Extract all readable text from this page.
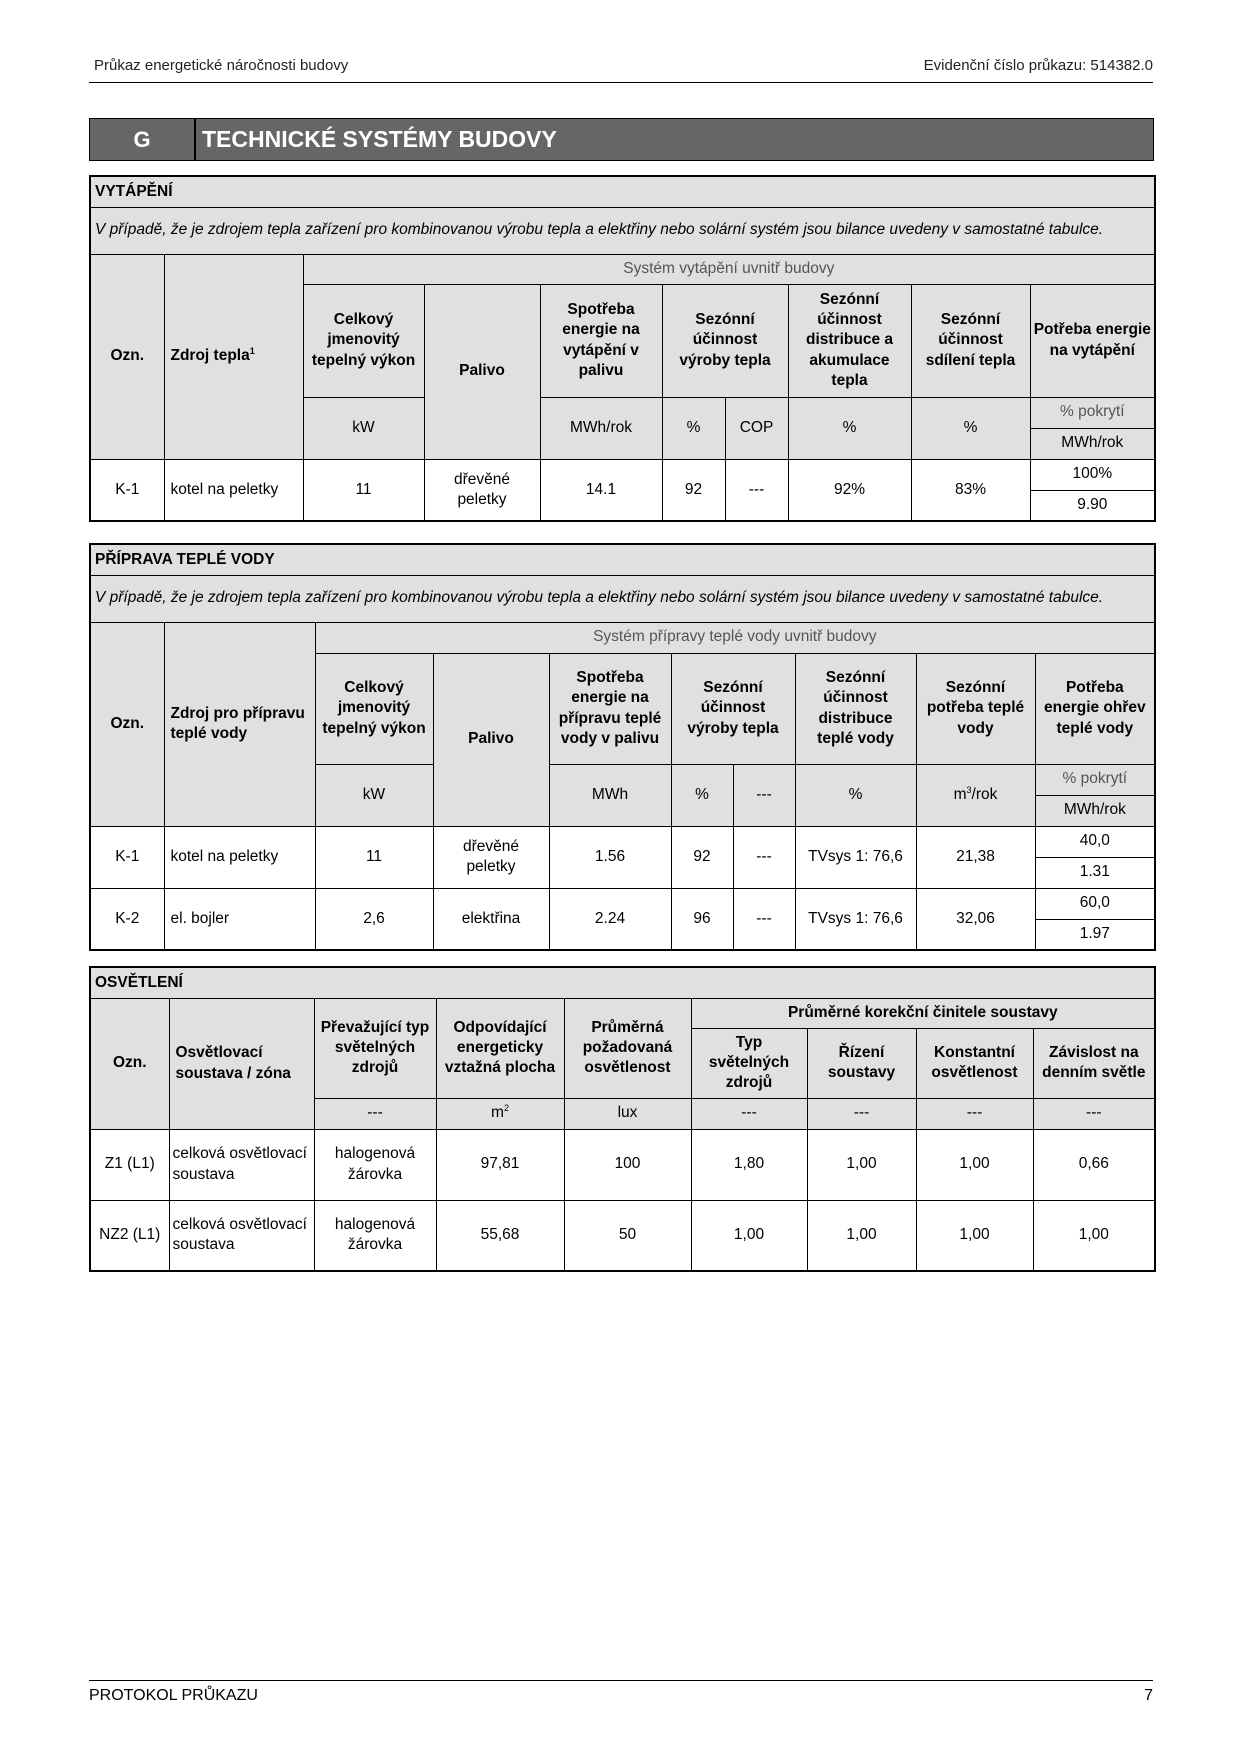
Průkaz energetické náročnosti budovy	Evidenční číslo průkazu: 514382.0
G	TECHNICKÉ SYSTÉMY BUDOVY
VYTÁPĚNÍ									
V případě, že je zdrojem tepla zařízení pro kombinovanou výrobu tepla a elektřiny nebo solární systém jsou bilance uvedeny v samostatné tabulce.									
Ozn.	Zdroj tepla$^1$	Systém vytápění uvnitř budovy							
		Celkový jmenovitý tepelný výkon	Palivo	Spotřeba energie na vytápění v palivu	Sezónní účinnost výroby tepla		Sezónní účinnost distribuce a akumulace tepla	Sezónní účinnost sdílení tepla	Potřeba energie na vytápění
		kW		MWh/rok	%	COP	%	%	% pokrytí
									MWh/rok
K-1	kotel na peletky	11	dřevěné peletky	14.1	92	---	92%	83%	100%
									9.90
PŘÍPRAVA TEPLÉ VODY									
V případě, že je zdrojem tepla zařízení pro kombinovanou výrobu tepla a elektřiny nebo solární systém jsou bilance uvedeny v samostatné tabulce.									
Ozn.	Zdroj pro přípravu teplé vody	Systém přípravy teplé vody uvnitř budovy							
		Celkový jmenovitý tepelný výkon	Palivo	Spotřeba energie na přípravu teplé vody v palivu	Sezónní účinnost výroby tepla		Sezónní účinnost distribuce teplé vody	Sezónní potřeba teplé vody	Potřeba energie ohřev teplé vody
		kW		MWh	%	---	%	$m^3$/rok	% pokrytí
									MWh/rok
K-1	kotel na peletky	11	dřevěné peletky	1.56	92	---	TVsys 1: 76,6	21,38	40,0
									1.31
K-2	el. bojler	2,6	elektřina	2.24	96	---	TVsys 1: 76,6	32,06	60,0
									1.97
OSVĚTLENÍ								
Ozn.	Osvětlovací soustava / zóna	Převažující typ světelných zdrojů	Odpovídající energeticky vztažná plocha	Průměrná požadovaná osvětlenost	Průměrné korekční činitele soustavy			
					Typ světelných zdrojů	Řízení soustavy	Konstantní osvětlenost	Závislost na denním světle
		---	$m^2$	lux	---	---	---	---
Z1 (L1)	celková osvětlovací soustava	halogenová žárovka	97,81	100	1,80	1,00	1,00	0,66
NZ2 (L1)	celková osvětlovací soustava	halogenová žárovka	55,68	50	1,00	1,00	1,00	1,00
PROTOKOL PRŮKAZU	7
